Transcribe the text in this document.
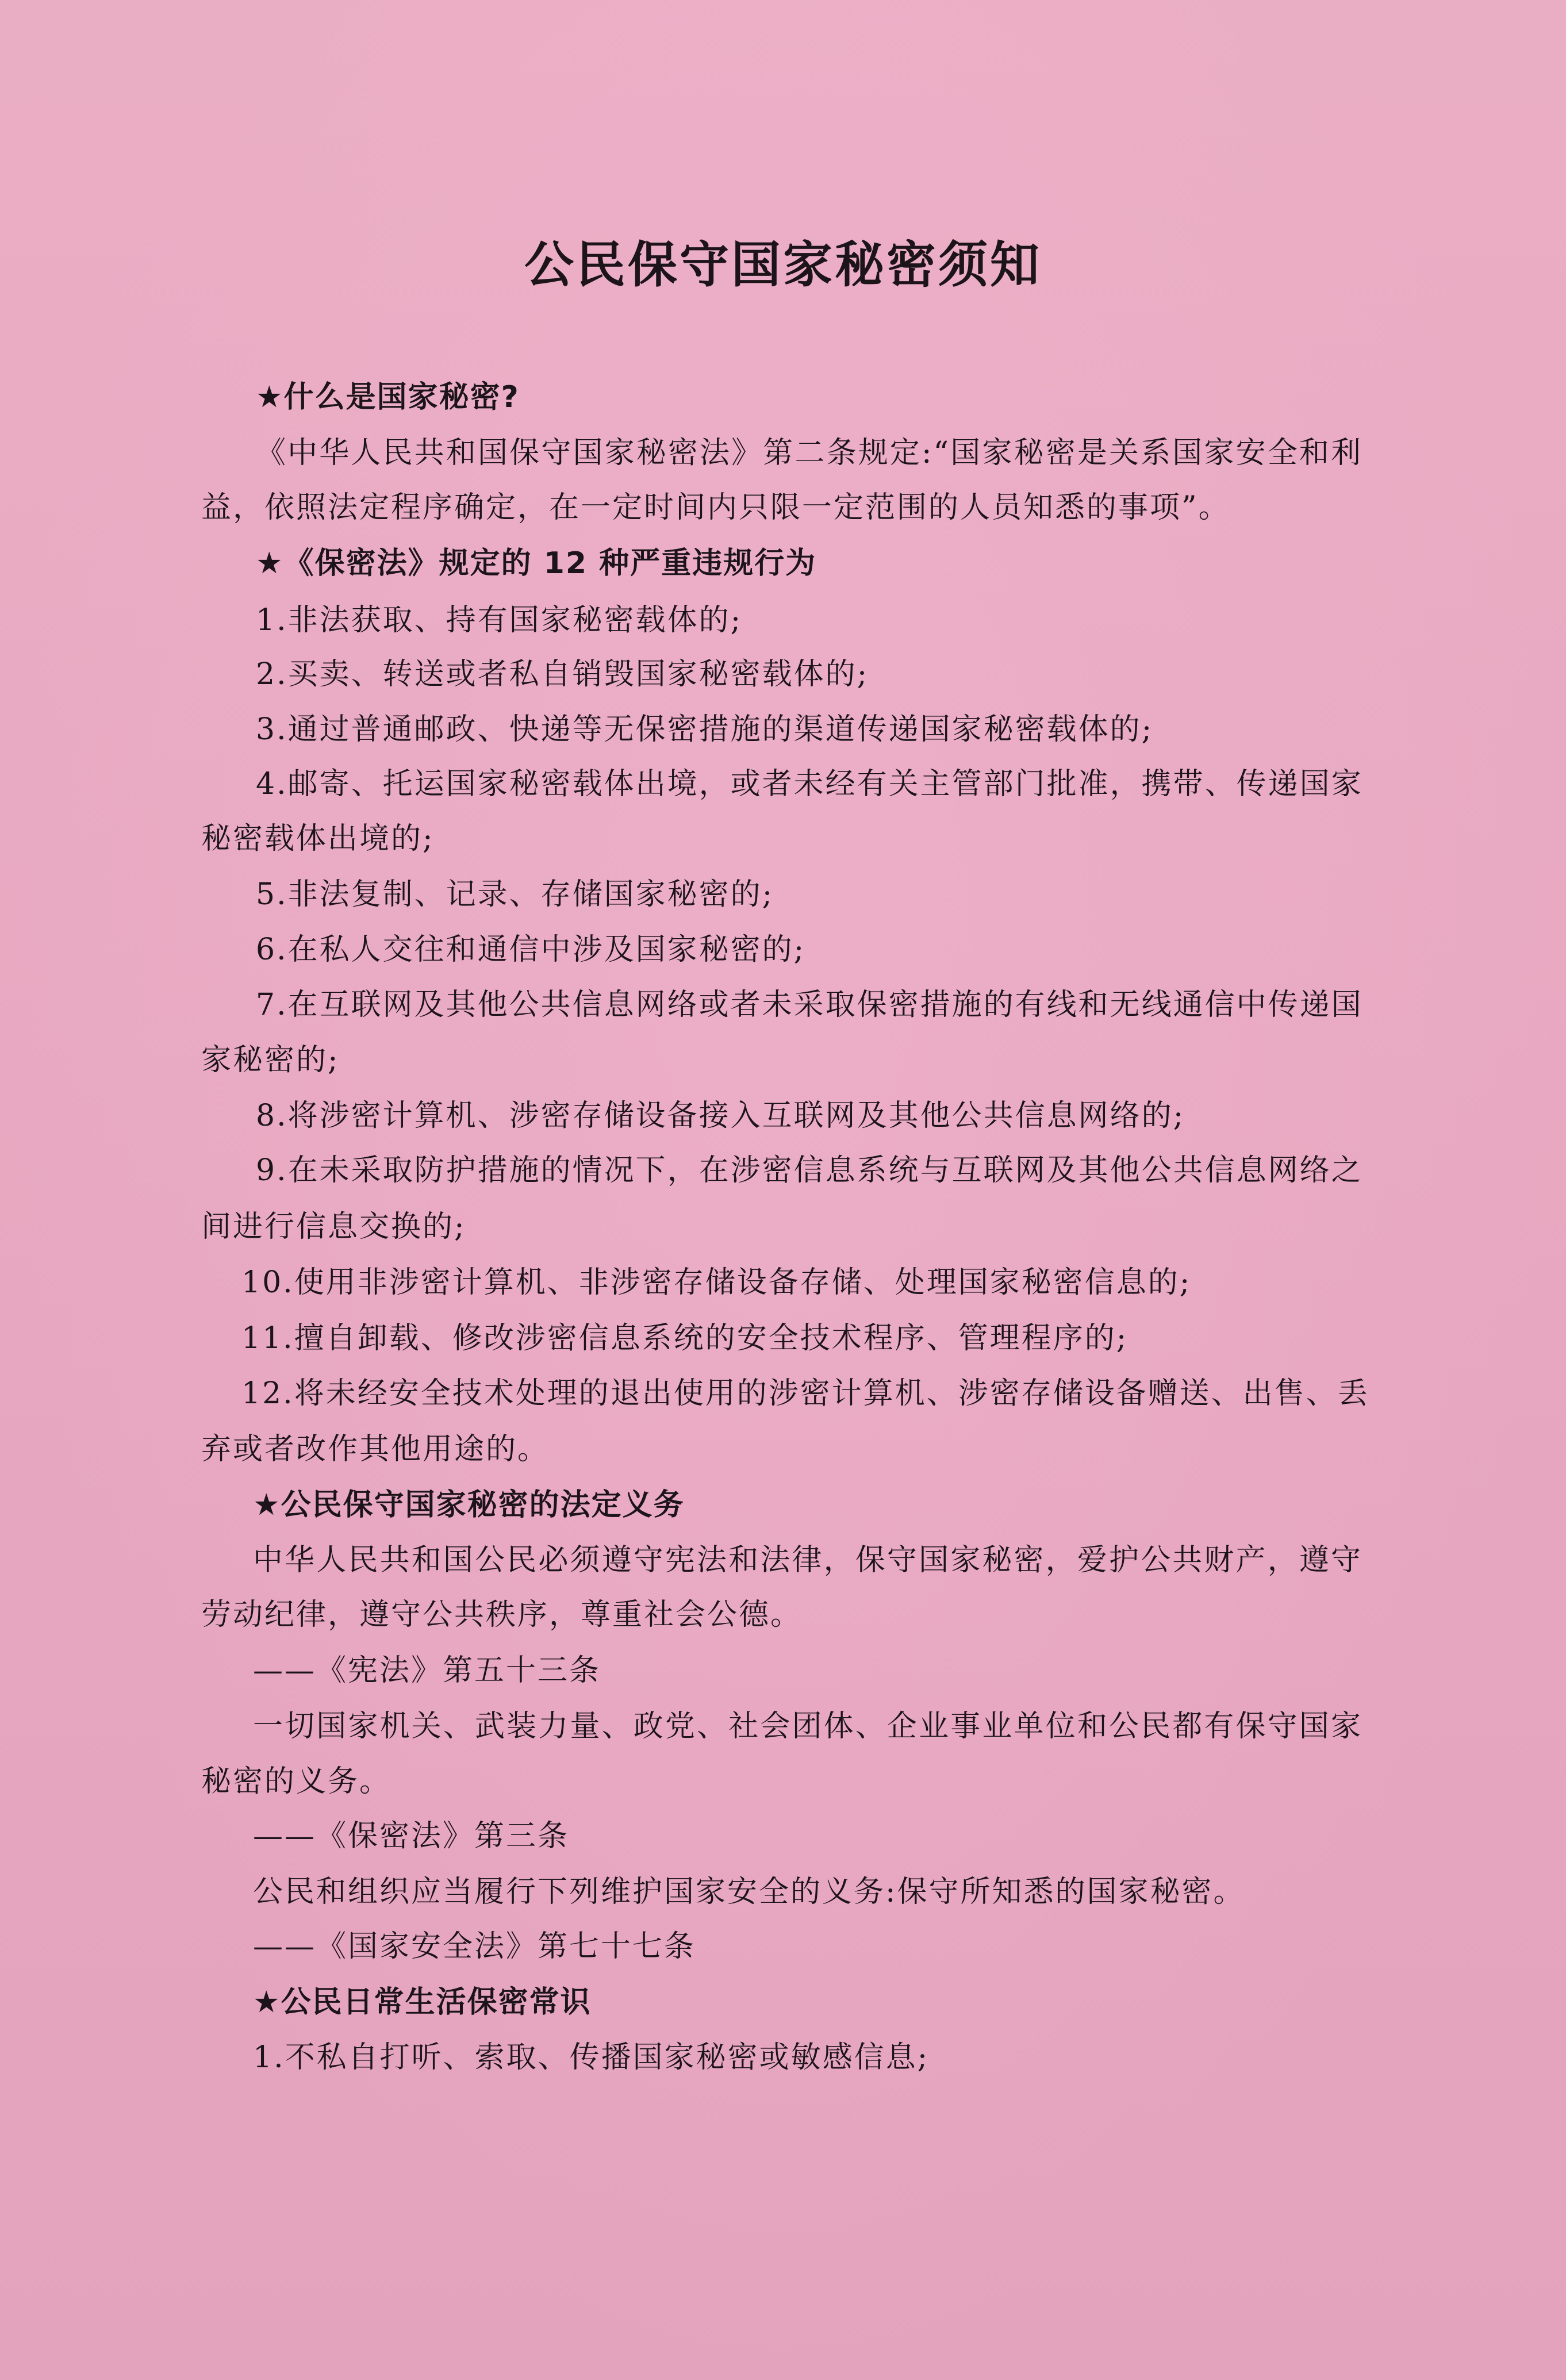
公民保守国家秘密须知
★什么是国家秘密?
《中华人民共和国保守国家秘密法》第二条规定:“国家秘密是关系国家安全和利
益，依照法定程序确定，在一定时间内只限一定范围的人员知悉的事项”。
★《保密法》规定的 12 种严重违规行为
1.非法获取、持有国家秘密载体的;
2.买卖、转送或者私自销毁国家秘密载体的;
3.通过普通邮政、快递等无保密措施的渠道传递国家秘密载体的;
4.邮寄、托运国家秘密载体出境，或者未经有关主管部门批准，携带、传递国家
秘密载体出境的;
5.非法复制、记录、存储国家秘密的;
6.在私人交往和通信中涉及国家秘密的;
7.在互联网及其他公共信息网络或者未采取保密措施的有线和无线通信中传递国
家秘密的;
8.将涉密计算机、涉密存储设备接入互联网及其他公共信息网络的;
9.在未采取防护措施的情况下，在涉密信息系统与互联网及其他公共信息网络之
间进行信息交换的;
10.使用非涉密计算机、非涉密存储设备存储、处理国家秘密信息的;
11.擅自卸载、修改涉密信息系统的安全技术程序、管理程序的;
12.将未经安全技术处理的退出使用的涉密计算机、涉密存储设备赠送、出售、丢
弃或者改作其他用途的。
★公民保守国家秘密的法定义务
中华人民共和国公民必须遵守宪法和法律，保守国家秘密，爱护公共财产，遵守
劳动纪律，遵守公共秩序，尊重社会公德。
——《宪法》第五十三条
一切国家机关、武装力量、政党、社会团体、企业事业单位和公民都有保守国家
秘密的义务。
——《保密法》第三条
公民和组织应当履行下列维护国家安全的义务:保守所知悉的国家秘密。
——《国家安全法》第七十七条
★公民日常生活保密常识
1.不私自打听、索取、传播国家秘密或敏感信息;
